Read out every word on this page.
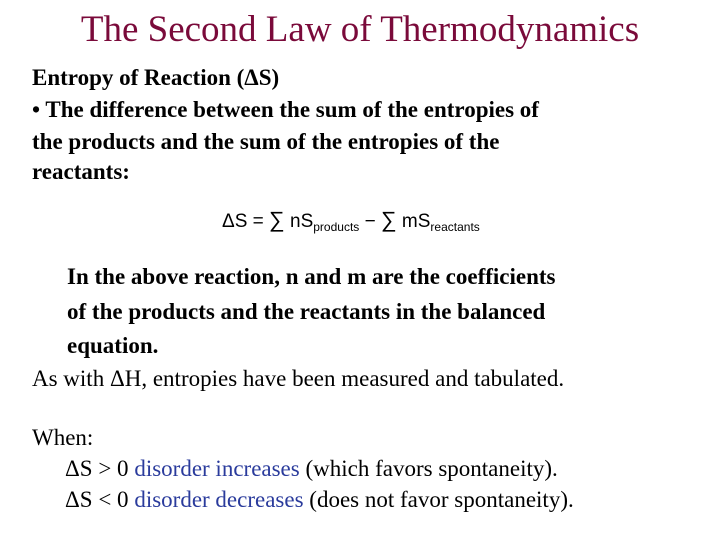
The Second Law of Thermodynamics
Entropy of Reaction (ΔS)
• The difference between the sum of the entropies of
the products and the sum of the entropies of the
reactants:
ΔS = ∑ $nS_{products}$ − ∑ $mS_{reactants}$
In the above reaction, n and m are the coefficients
of the products and the reactants in the balanced
equation.
As with ΔH, entropies have been measured and tabulated.
When:
ΔS > 0 disorder increases (which favors spontaneity).
ΔS < 0 disorder decreases (does not favor spontaneity).
